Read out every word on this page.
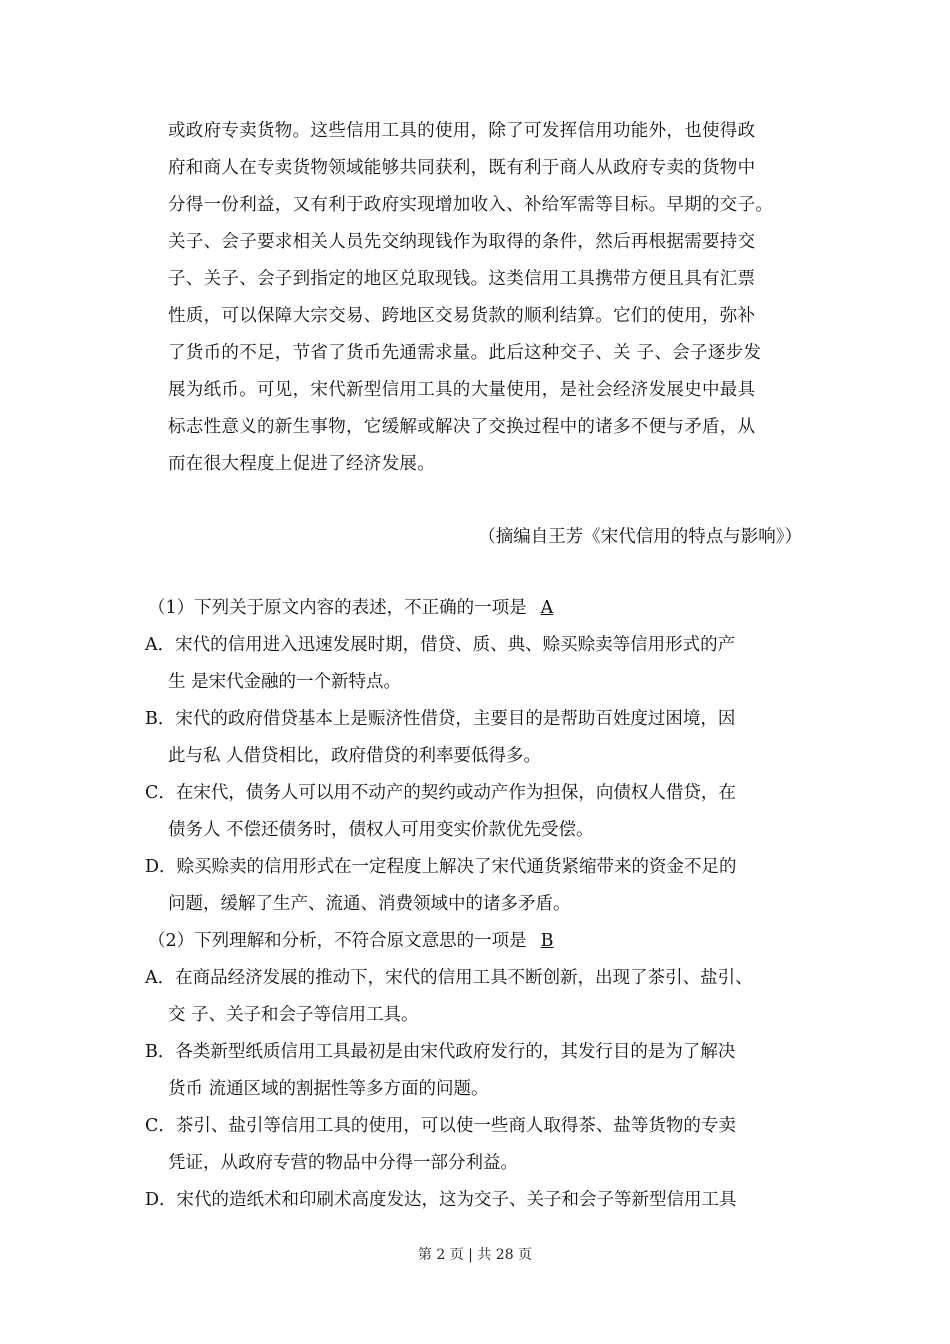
或政府专卖货物。这些信用工具的使用，除了可发挥信用功能外，也使得政
府和商人在专卖货物领域能够共同获利，既有利于商人从政府专卖的货物中
分得一份利益，又有利于政府实现增加收入、补给军需等目标。早期的交子。
关子、会子要求相关人员先交纳现钱作为取得的条件，然后再根据需要持交
子、关子、会子到指定的地区兑取现钱。这类信用工具携带方便且具有汇票
性质，可以保障大宗交易、跨地区交易货款的顺利结算。它们的使用，弥补
了货币的不足，节省了货币先通需求量。此后这种交子、关 子、会子逐步发
展为纸币。可见，宋代新型信用工具的大量使用，是社会经济发展史中最具
标志性意义的新生事物，它缓解或解决了交换过程中的诸多不便与矛盾，从
而在很大程度上促进了经济发展。
（摘编自王芳《宋代信用的特点与影响》）
（1）下列关于原文内容的表述，不正确的一项是 A
A．宋代的信用进入迅速发展时期，借贷、质、典、赊买赊卖等信用形式的产
生 是宋代金融的一个新特点。
B．宋代的政府借贷基本上是赈济性借贷，主要目的是帮助百姓度过困境，因
此与私 人借贷相比，政府借贷的利率要低得多。
C．在宋代，债务人可以用不动产的契约或动产作为担保，向债权人借贷，在
债务人 不偿还债务时，债权人可用变实价款优先受偿。
D．赊买赊卖的信用形式在一定程度上解决了宋代通货紧缩带来的资金不足的
问题，缓解了生产、流通、消费领域中的诸多矛盾。
（2）下列理解和分析，不符合原文意思的一项是 B
A．在商品经济发展的推动下，宋代的信用工具不断创新，出现了茶引、盐引、
交 子、关子和会子等信用工具。
B．各类新型纸质信用工具最初是由宋代政府发行的，其发行目的是为了解决
货币 流通区域的割据性等多方面的问题。
C．茶引、盐引等信用工具的使用，可以使一些商人取得茶、盐等货物的专卖
凭证，从政府专营的物品中分得一部分利益。
D．宋代的造纸术和印刷术高度发达，这为交子、关子和会子等新型信用工具
第 2 页 | 共 28 页
